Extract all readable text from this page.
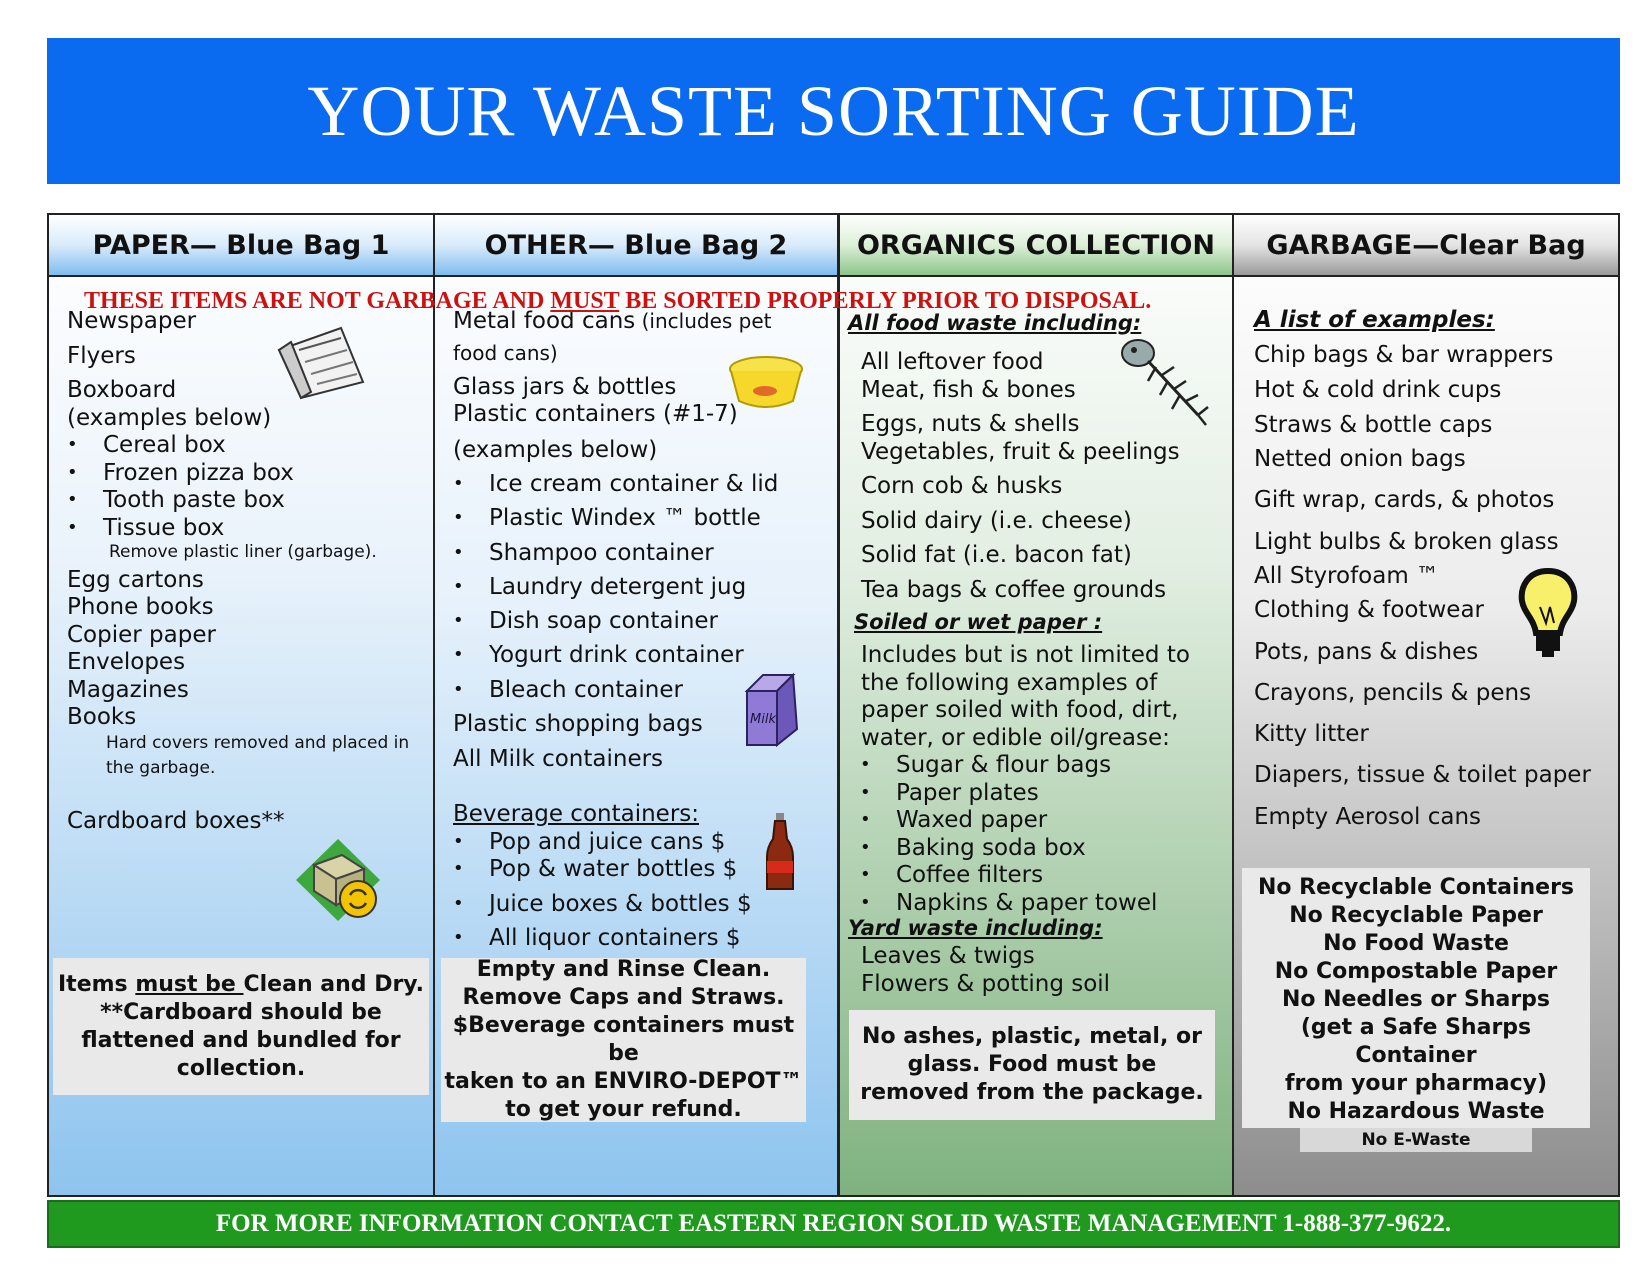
YOUR WASTE SORTING GUIDE
PAPER— Blue Bag 1
Newspaper
Flyers
Boxboard
(examples below)
• Cereal box
• Frozen pizza box
• Tooth paste box
• Tissue box
Remove plastic liner (garbage).
Egg cartons
Phone books
Copier paper
Envelopes
Magazines
Books
Hard covers removed and placed in the garbage.
Cardboard boxes**
Items must be Clean and Dry.
**Cardboard should be
flattened and bundled for
collection.
OTHER— Blue Bag 2
Metal food cans (includes pet
food cans)
Glass jars & bottles
Plastic containers (#1-7)
(examples below)
• Ice cream container & lid
• Plastic Windex ™ bottle
• Shampoo container
• Laundry detergent jug
• Dish soap container
• Yogurt drink container
• Bleach container
Plastic shopping bags
All Milk containers
Beverage containers:
• Pop and juice cans $
• Pop & water bottles $
• Juice boxes & bottles $
• All liquor containers $
Milk
Empty and Rinse Clean.
Remove Caps and Straws.
$Beverage containers must be
taken to an ENVIRO-DEPOT™
to get your refund.
ORGANICS COLLECTION
All food waste including:
All leftover food
Meat, fish & bones
Eggs, nuts & shells
Vegetables, fruit & peelings
Corn cob & husks
Solid dairy (i.e. cheese)
Solid fat (i.e. bacon fat)
Tea bags & coffee grounds
Soiled or wet paper :
Includes but is not limited to
the following examples of
paper soiled with food, dirt,
water, or edible oil/grease:
• Sugar & flour bags
• Paper plates
• Waxed paper
• Baking soda box
• Coffee filters
• Napkins & paper towel
Yard waste including:
Leaves & twigs
Flowers & potting soil
No ashes, plastic, metal, or
glass. Food must be
removed from the package.
GARBAGE—Clear Bag
A list of examples:
Chip bags & bar wrappers
Hot & cold drink cups
Straws & bottle caps
Netted onion bags
Gift wrap, cards, & photos
Light bulbs & broken glass
All Styrofoam ™
Clothing & footwear
Pots, pans & dishes
Crayons, pencils & pens
Kitty litter
Diapers, tissue & toilet paper
Empty Aerosol cans
No Recyclable Containers
No Recyclable Paper
No Food Waste
No Compostable Paper
No Needles or Sharps
(get a Safe Sharps Container
from your pharmacy)
No Hazardous Waste
No E-Waste
THESE ITEMS ARE NOT GARBAGE AND MUST BE SORTED PROPERLY PRIOR TO DISPOSAL.
FOR MORE INFORMATION CONTACT EASTERN REGION SOLID WASTE MANAGEMENT 1-888-377-9622.
